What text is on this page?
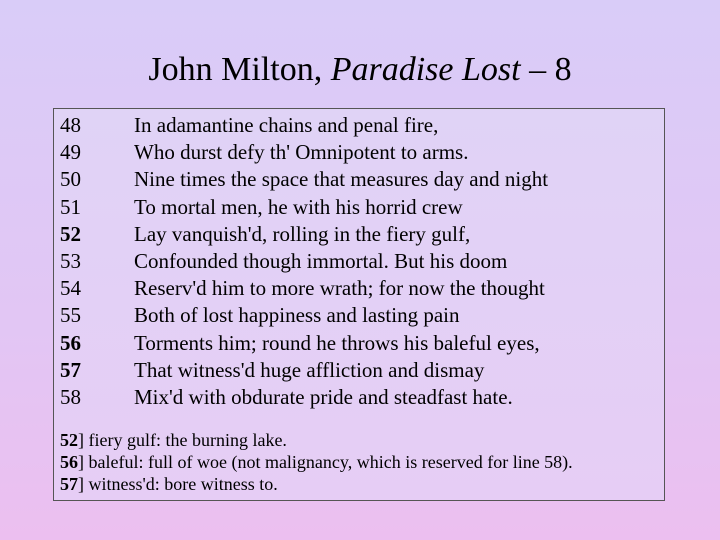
John Milton, Paradise Lost – 8
48	In adamantine chains and penal fire,
49	Who durst defy th' Omnipotent to arms.
50	Nine times the space that measures day and night
51	To mortal men, he with his horrid crew
52	Lay vanquish'd, rolling in the fiery gulf,
53	Confounded though immortal. But his doom
54	Reserv'd him to more wrath; for now the thought
55	Both of lost happiness and lasting pain
56	Torments him; round he throws his baleful eyes,
57	That witness'd huge affliction and dismay
58	Mix'd with obdurate pride and steadfast hate.
52] fiery gulf: the burning lake.
56] baleful: full of woe (not malignancy, which is reserved for line 58).
57] witness'd: bore witness to.
